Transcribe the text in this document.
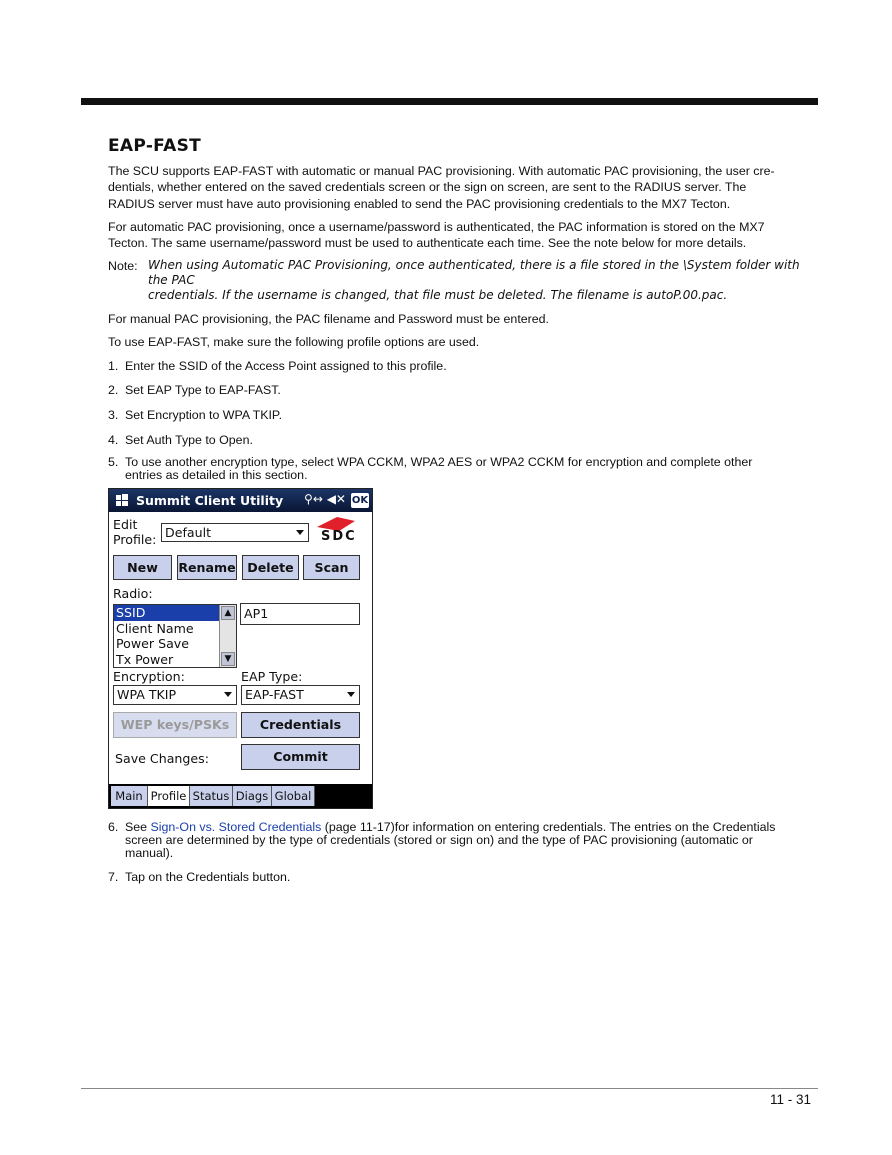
EAP-FAST

The SCU supports EAP-FAST with automatic or manual PAC provisioning. With automatic PAC provisioning, the user cre-
dentials, whether entered on the saved credentials screen or the sign on screen, are sent to the RADIUS server. The
RADIUS server must have auto provisioning enabled to send the PAC provisioning credentials to the MX7 Tecton.

For automatic PAC provisioning, once a username/password is authenticated, the PAC information is stored on the MX7
Tecton. The same username/password must be used to authenticate each time. See the note below for more details.

Note: When using Automatic PAC Provisioning, once authenticated, there is a file stored in the \System folder with the PAC
credentials. If the username is changed, that file must be deleted. The filename is autoP.00.pac.

For manual PAC provisioning, the PAC filename and Password must be entered.

To use EAP-FAST, make sure the following profile options are used.

1. Enter the SSID of the Access Point assigned to this profile.
2. Set EAP Type to EAP-FAST.
3. Set Encryption to WPA TKIP.
4. Set Auth Type to Open.
5. To use another encryption type, select WPA CCKM, WPA2 AES or WPA2 CCKM for encryption and complete other
entries as detailed in this section.
Summit Client Utility ⚲↔ ◀✕ OK
Edit
Profile: Default	SDC
New	Rename Delete	Scan
Radio:
SSID
Client Name
Power Save
Tx Power
▲
▼
AP1
Encryption:	EAP Type:
WPA TKIP	EAP-FAST
WEP keys/PSKs	Credentials
Save Changes:	Commit
Main Profile Status Diags Global
6. See Sign-On vs. Stored Credentials (page 11-17)for information on entering credentials. The entries on the Credentials
screen are determined by the type of credentials (stored or sign on) and the type of PAC provisioning (automatic or
manual).
7. Tap on the Credentials button.
11 - 31
